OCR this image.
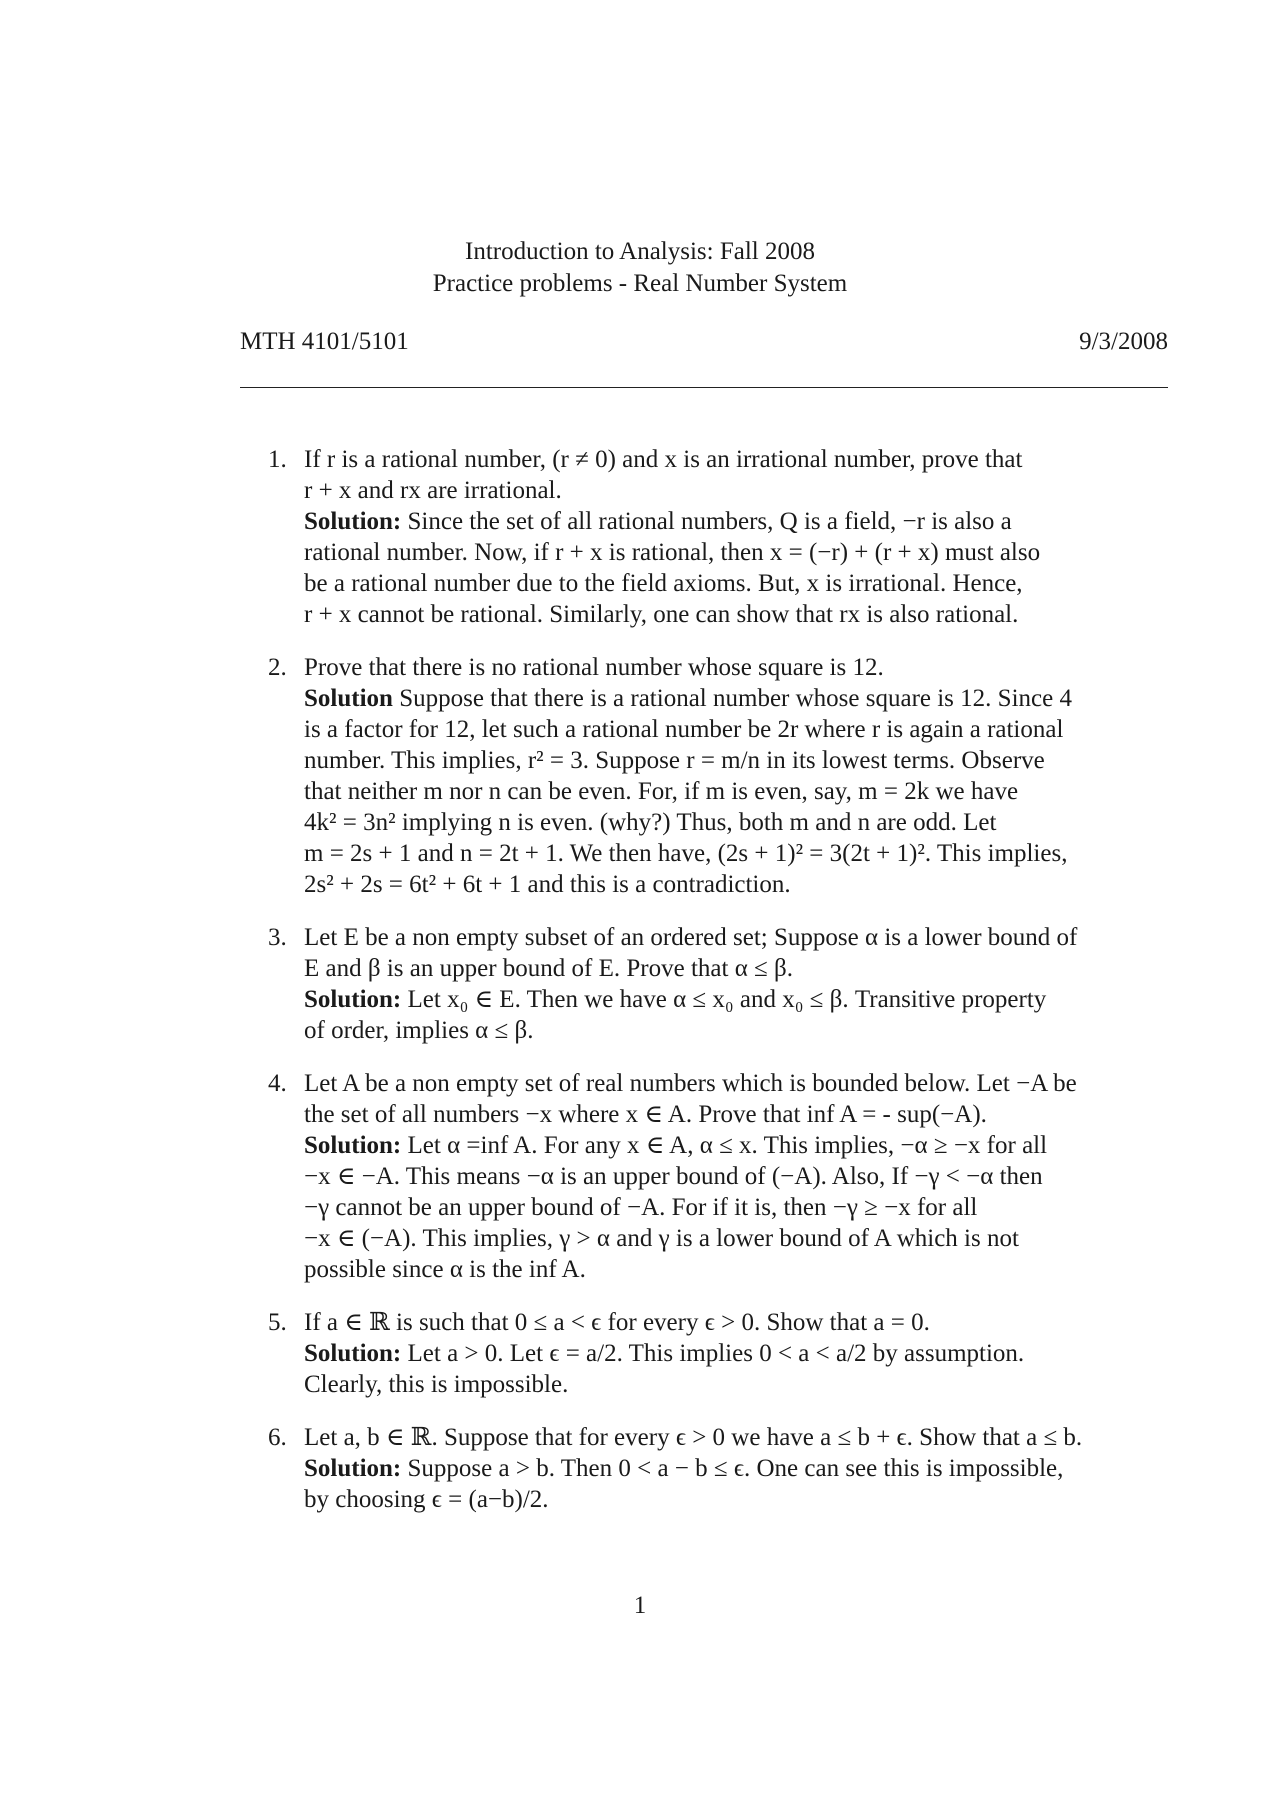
Introduction to Analysis: Fall 2008
Practice problems - Real Number System
MTH 4101/5101	9/3/2008
1. If r is a rational number, (r ≠ 0) and x is an irrational number, prove that
r + x and rx are irrational.
Solution: Since the set of all rational numbers, Q is a field, −r is also a
rational number. Now, if r + x is rational, then x = (−r) + (r + x) must also
be a rational number due to the field axioms. But, x is irrational. Hence,
r + x cannot be rational. Similarly, one can show that rx is also rational.
2. Prove that there is no rational number whose square is 12.
Solution Suppose that there is a rational number whose square is 12. Since 4
is a factor for 12, let such a rational number be 2r where r is again a rational
number. This implies, r² = 3. Suppose r = m/n in its lowest terms. Observe
that neither m nor n can be even. For, if m is even, say, m = 2k we have
4k² = 3n² implying n is even. (why?) Thus, both m and n are odd. Let
m = 2s + 1 and n = 2t + 1. We then have, (2s + 1)² = 3(2t + 1)². This implies,
2s² + 2s = 6t² + 6t + 1 and this is a contradiction.
3. Let E be a non empty subset of an ordered set; Suppose α is a lower bound of
E and β is an upper bound of E. Prove that α ≤ β.
Solution: Let x₀ ∈ E. Then we have α ≤ x₀ and x₀ ≤ β. Transitive property
of order, implies α ≤ β.
4. Let A be a non empty set of real numbers which is bounded below. Let −A be
the set of all numbers −x where x ∈ A. Prove that inf A = - sup(−A).
Solution: Let α =inf A. For any x ∈ A, α ≤ x. This implies, −α ≥ −x for all
−x ∈ −A. This means −α is an upper bound of (−A). Also, If −γ < −α then
−γ cannot be an upper bound of −A. For if it is, then −γ ≥ −x for all
−x ∈ (−A). This implies, γ > α and γ is a lower bound of A which is not
possible since α is the inf A.
5. If a ∈ ℝ is such that 0 ≤ a < ϵ for every ϵ > 0. Show that a = 0.
Solution: Let a > 0. Let ϵ = a/2. This implies 0 < a < a/2 by assumption.
Clearly, this is impossible.
6. Let a, b ∈ ℝ. Suppose that for every ϵ > 0 we have a ≤ b + ϵ. Show that a ≤ b.
Solution: Suppose a > b. Then 0 < a − b ≤ ϵ. One can see this is impossible,
by choosing ϵ = (a−b)/2.
1
